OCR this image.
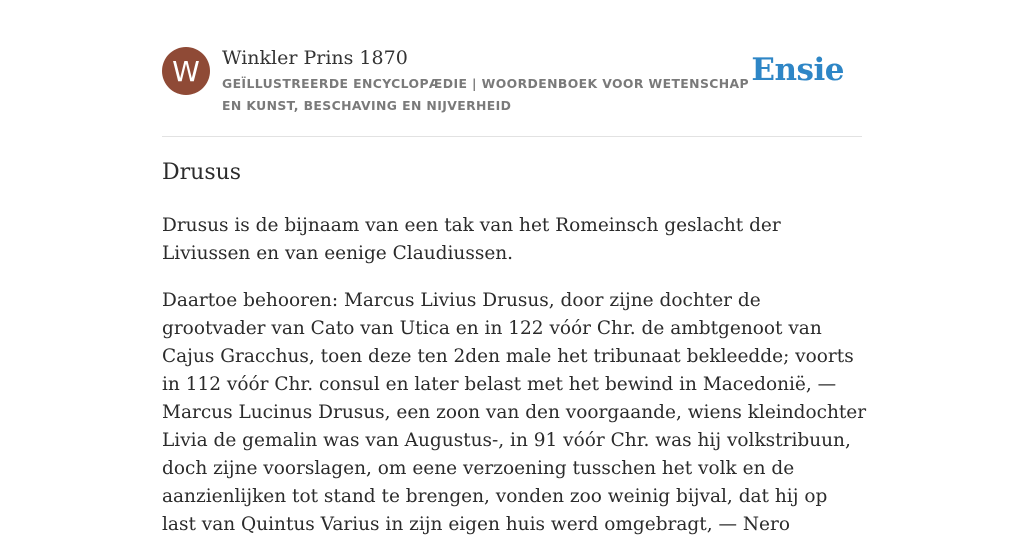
W	Winkler Prins 1870
GEÏLLUSTREERDE ENCYCLOPÆDIE | WOORDENBOEK VOOR WETENSCHAP EN KUNST, BESCHAVING EN NIJVERHEID
Ensie
Drusus

Drusus is de bijnaam van een tak van het Romeinsch geslacht der Liviussen en van eenige Claudiussen.

Daartoe behooren: Marcus Livius Drusus, door zijne dochter de grootvader van Cato van Utica en in 122 vóór Chr. de ambtgenoot van Cajus Gracchus, toen deze ten 2den male het tribunaat bekleedde; voorts in 112 vóór Chr. consul en later belast met het bewind in Macedonië, — Marcus Lucinus Drusus, een zoon van den voorgaande, wiens kleindochter Livia de gemalin was van Augustus-, in 91 vóór Chr. was hij volkstribuun, doch zijne voorslagen, om eene verzoening tusschen het volk en de aanzienlijken tot stand te brengen, vonden zoo weinig bijval, dat hij op last van Quintus Varius in zijn eigen huis werd omgebragt, — Nero
